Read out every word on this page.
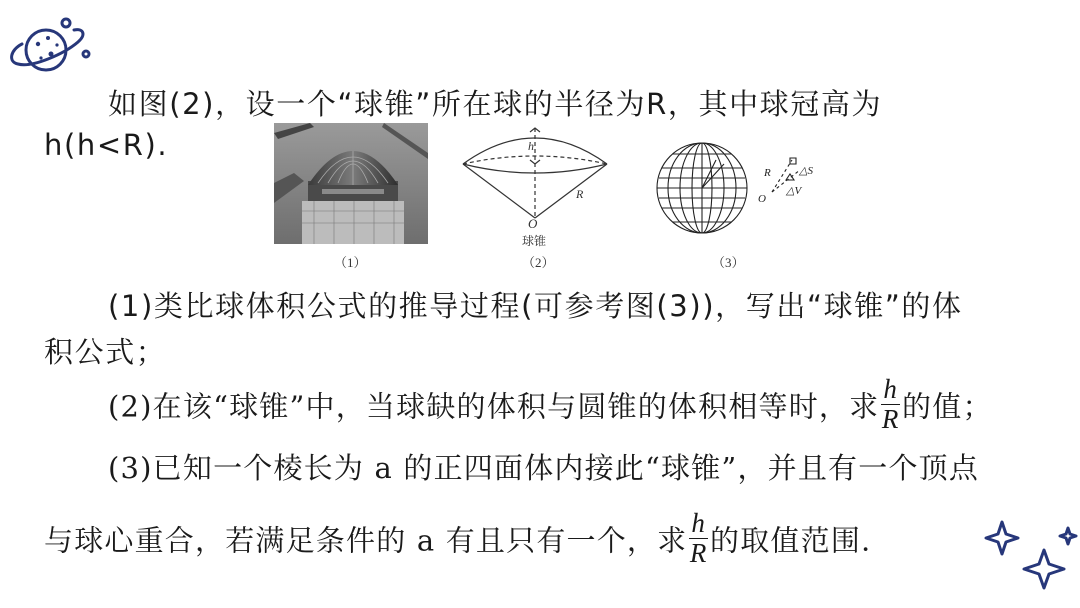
如图(2)，设一个“球锥”所在球的半径为R，其中球冠高为
h(h<R).
（1）
h
R
O
球锥
（2）
R
O
△S
△V
（3）
(1)类比球体积公式的推导过程(可参考图(3))，写出“球锥”的体
积公式；
(2)在该“球锥”中，当球缺的体积与圆锥的体积相等时，求 $\frac{h}{R}$ 的值；
(3)已知一个棱长为 a 的正四面体内接此“球锥”，并且有一个顶点
与球心重合，若满足条件的 a 有且只有一个，求 $\frac{h}{R}$ 的取值范围.
